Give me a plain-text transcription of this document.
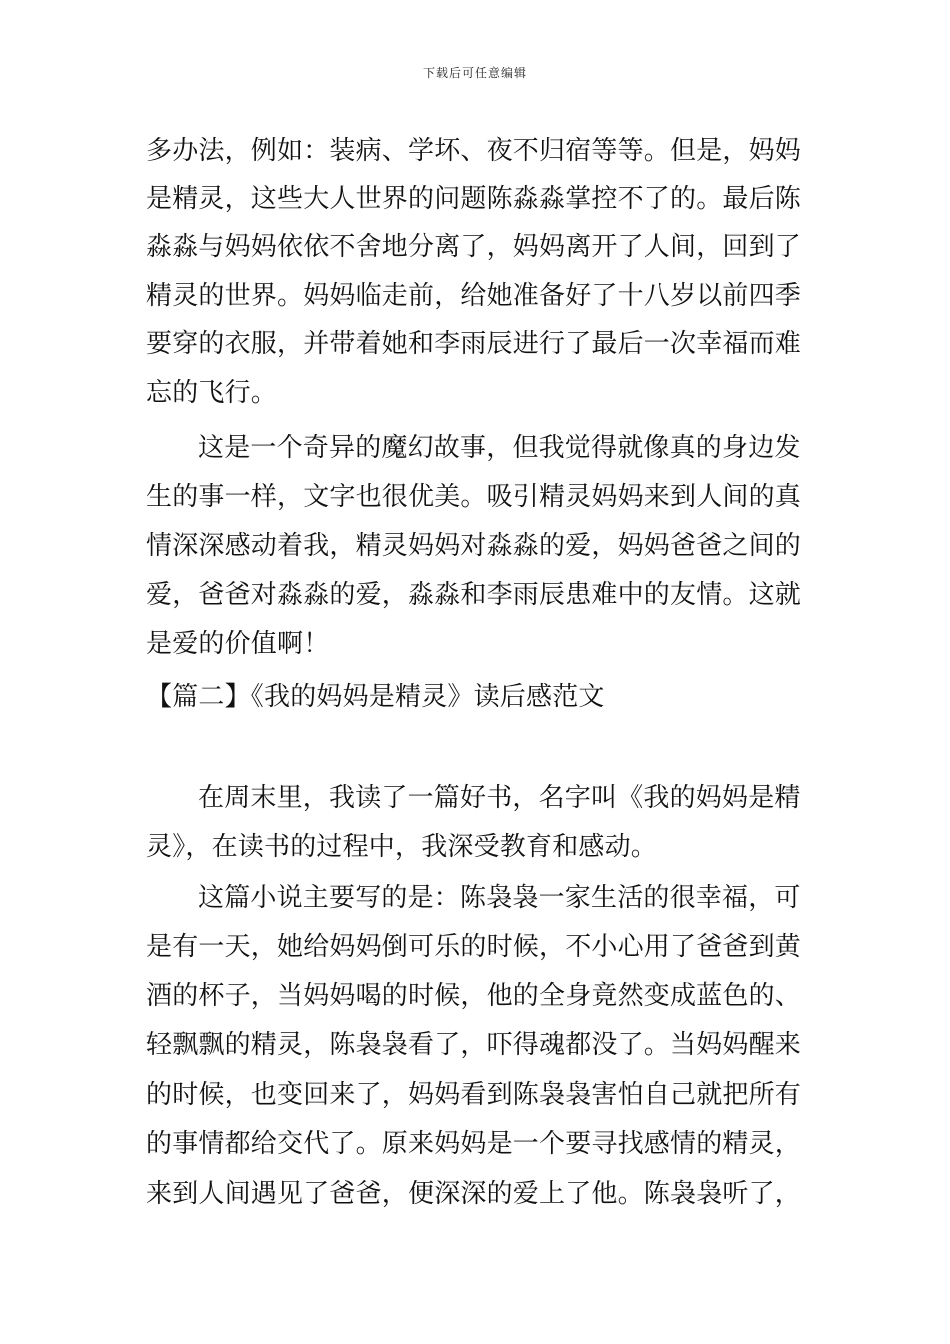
下载后可任意编辑
多办法，例如：装病、学坏、夜不归宿等等。但是，妈妈
是精灵，这些大人世界的问题陈淼淼掌控不了的。最后陈
淼淼与妈妈依依不舍地分离了，妈妈离开了人间，回到了
精灵的世界。妈妈临走前，给她准备好了十八岁以前四季
要穿的衣服，并带着她和李雨辰进行了最后一次幸福而难
忘的飞行。
这是一个奇异的魔幻故事，但我觉得就像真的身边发
生的事一样，文字也很优美。吸引精灵妈妈来到人间的真
情深深感动着我，精灵妈妈对淼淼的爱，妈妈爸爸之间的
爱，爸爸对淼淼的爱，淼淼和李雨辰患难中的友情。这就
是爱的价值啊！
【篇二】《我的妈妈是精灵》读后感范文
在周末里，我读了一篇好书，名字叫《我的妈妈是精
灵》，在读书的过程中，我深受教育和感动。
这篇小说主要写的是：陈袅袅一家生活的很幸福，可
是有一天，她给妈妈倒可乐的时候，不小心用了爸爸到黄
酒的杯子，当妈妈喝的时候，他的全身竟然变成蓝色的、
轻飘飘的精灵，陈袅袅看了，吓得魂都没了。当妈妈醒来
的时候，也变回来了，妈妈看到陈袅袅害怕自己就把所有
的事情都给交代了。原来妈妈是一个要寻找感情的精灵，
来到人间遇见了爸爸，便深深的爱上了他。陈袅袅听了，
